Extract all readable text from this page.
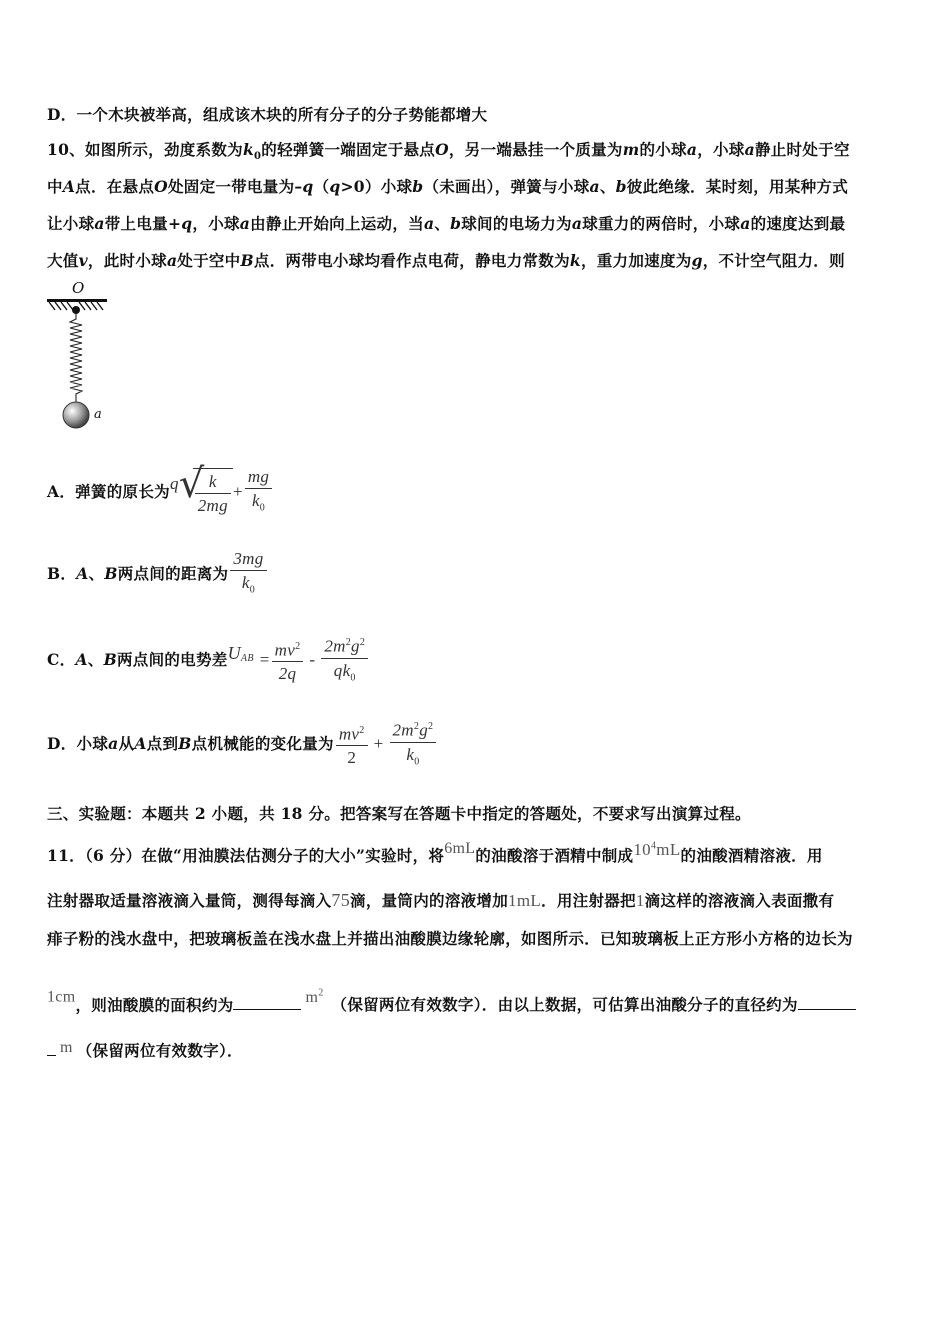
D．一个木块被举高，组成该木块的所有分子的分子势能都增大
10、如图所示，劲度系数为$k_0$的轻弹簧一端固定于悬点O，另一端悬挂一个质量为m的小球a，小球a静止时处于空
中A点．在悬点O处固定一带电量为–q（q>0）小球b（未画出），弹簧与小球a、b彼此绝缘．某时刻，用某种方式
让小球a带上电量+q，小球a由静止开始向上运动，当a、b球间的电场力为a球重力的两倍时，小球a的速度达到最
大值v，此时小球a处于空中B点．两带电小球均看作点电荷，静电力常数为k，重力加速度为g，不计空气阻力．则
O
a
A．弹簧的原长为q √
$\frac{k}{2mg} + \frac{mg}{k_0}$
B．A、B两点间的距离为 $\frac{3mg}{k_0}$
C．A、B两点间的电势差$U_{AB} = \frac{mv^2}{2q} - \frac{2m^2g^2}{qk_0}$
D．小球a从A点到B点机械能的变化量为 $\frac{mv^2}{2} + \frac{2m^2g^2}{k_0}$
三、实验题：本题共 2 小题，共 18 分。把答案写在答题卡中指定的答题处，不要求写出演算过程。
11．（6 分）在做“用油膜法估测分子的大小”实验时，将6mL的油酸溶于酒精中制成$10^4mL$的油酸酒精溶液．用
注射器取适量溶液滴入量筒，测得每滴入75滴，量筒内的溶液增加1mL．用注射器把1滴这样的溶液滴入表面撒有
痱子粉的浅水盘中，把玻璃板盖在浅水盘上并描出油酸膜边缘轮廓，如图所示．已知玻璃板上正方形小方格的边长为
1cm，则油酸膜的面积约为	$m^2$（保留两位有效数字）．由以上数据，可估算出油酸分子的直径约为
m （保留两位有效数字）．
